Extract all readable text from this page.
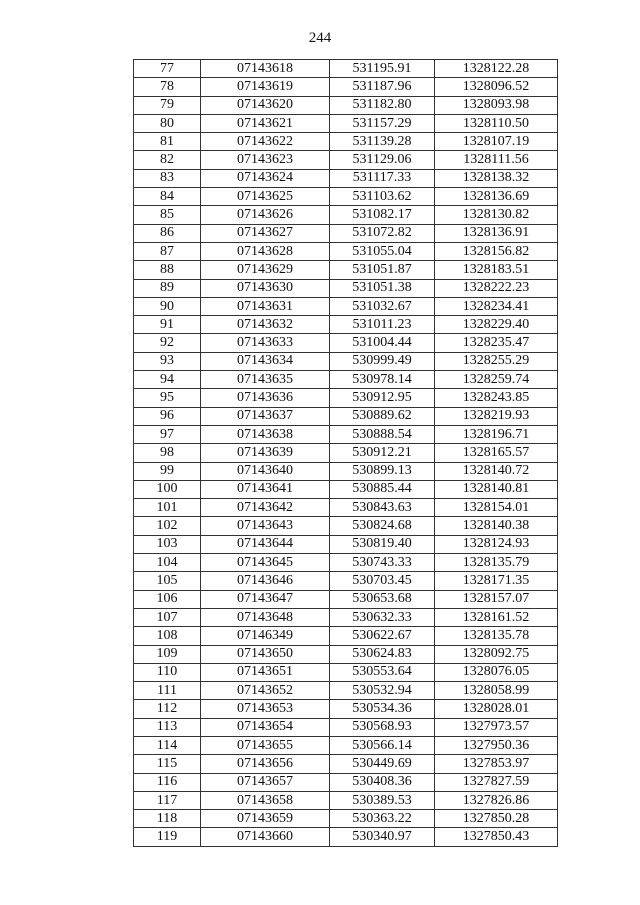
244
77	07143618	531195.91	1328122.28
78	07143619	531187.96	1328096.52
79	07143620	531182.80	1328093.98
80	07143621	531157.29	1328110.50
81	07143622	531139.28	1328107.19
82	07143623	531129.06	1328111.56
83	07143624	531117.33	1328138.32
84	07143625	531103.62	1328136.69
85	07143626	531082.17	1328130.82
86	07143627	531072.82	1328136.91
87	07143628	531055.04	1328156.82
88	07143629	531051.87	1328183.51
89	07143630	531051.38	1328222.23
90	07143631	531032.67	1328234.41
91	07143632	531011.23	1328229.40
92	07143633	531004.44	1328235.47
93	07143634	530999.49	1328255.29
94	07143635	530978.14	1328259.74
95	07143636	530912.95	1328243.85
96	07143637	530889.62	1328219.93
97	07143638	530888.54	1328196.71
98	07143639	530912.21	1328165.57
99	07143640	530899.13	1328140.72
100	07143641	530885.44	1328140.81
101	07143642	530843.63	1328154.01
102	07143643	530824.68	1328140.38
103	07143644	530819.40	1328124.93
104	07143645	530743.33	1328135.79
105	07143646	530703.45	1328171.35
106	07143647	530653.68	1328157.07
107	07143648	530632.33	1328161.52
108	07146349	530622.67	1328135.78
109	07143650	530624.83	1328092.75
110	07143651	530553.64	1328076.05
111	07143652	530532.94	1328058.99
112	07143653	530534.36	1328028.01
113	07143654	530568.93	1327973.57
114	07143655	530566.14	1327950.36
115	07143656	530449.69	1327853.97
116	07143657	530408.36	1327827.59
117	07143658	530389.53	1327826.86
118	07143659	530363.22	1327850.28
119	07143660	530340.97	1327850.43
